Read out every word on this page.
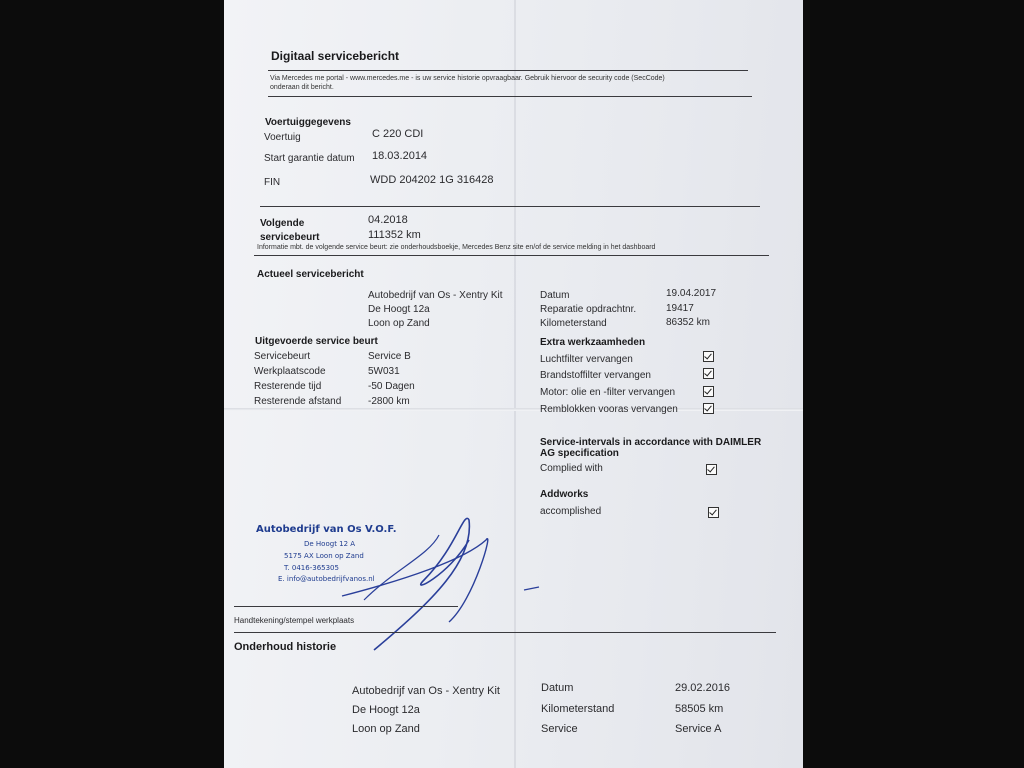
Digitaal servicebericht
Via Mercedes me portal - www.mercedes.me - is uw service historie opvraagbaar. Gebruik hiervoor de security code (SecCode)
onderaan dit bericht.
Voertuiggegevens
Voertuig	C 220 CDI
Start garantie datum 18.03.2014
FIN	WDD 204202 1G 316428
Volgende
servicebeurt
04.2018
111352 km
Informatie mbt. de volgende service beurt: zie onderhoudsboekje, Mercedes Benz site en/of de service melding in het dashboard
Actueel servicebericht
Autobedrijf van Os - Xentry Kit
De Hoogt 12a
Loon op Zand
Datum	19.04.2017
Reparatie opdrachtnr.	19417
Kilometerstand	86352 km
Uitgevoerde service beurt
Servicebeurt	Service B
Werkplaatscode	5W031
Resterende tijd	-50 Dagen
Resterende afstand	-2800 km
Extra werkzaamheden
Luchtfilter vervangen
Brandstoffilter vervangen
Motor: olie en -filter vervangen
Remblokken vooras vervangen
Service-intervals in accordance with DAIMLER
AG specification
Complied with
Addworks
accomplished
Autobedrijf van Os V.O.F.
De Hoogt 12 A
5175 AX Loon op Zand
T. 0416-365305
E. info@autobedrijfvanos.nl
Handtekening/stempel werkplaats
Onderhoud historie
Autobedrijf van Os - Xentry Kit
De Hoogt 12a
Loon op Zand
Datum	29.02.2016
Kilometerstand	58505 km
Service	Service A
